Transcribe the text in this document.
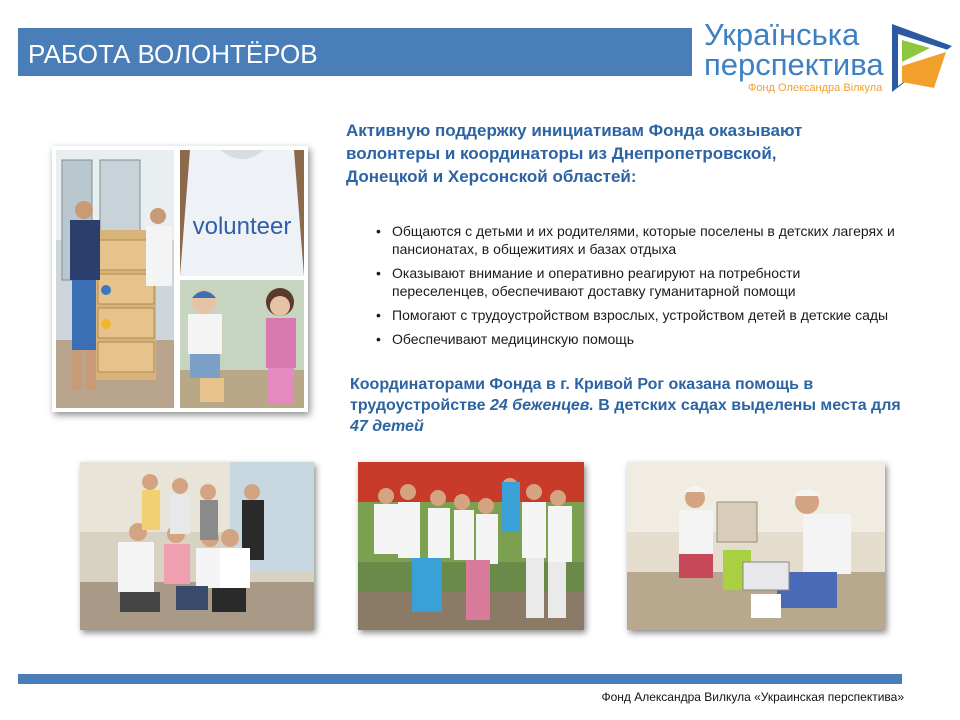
РАБОТА ВОЛОНТЁРОВ
Українська
перспектива
Фонд Олександра Вілкула
volunteer
Активную поддержку инициативам Фонда оказывают волонтеры и координаторы из Днепропетровской, Донецкой и Херсонской областей:
• Общаются с детьми и их родителями, которые поселены в детских лагерях и пансионатах, в общежитиях и базах отдыха
• Оказывают внимание и оперативно реагируют на потребности переселенцев, обеспечивают доставку гуманитарной помощи
• Помогают с трудоустройством взрослых, устройством детей в детские сады
• Обеспечивают медицинскую помощь
Координаторами Фонда в г. Кривой Рог оказана помощь в трудоустройстве 24 беженцев. В детских садах выделены места для 47 детей
Фонд Александра Вилкула «Украинская перспектива»
